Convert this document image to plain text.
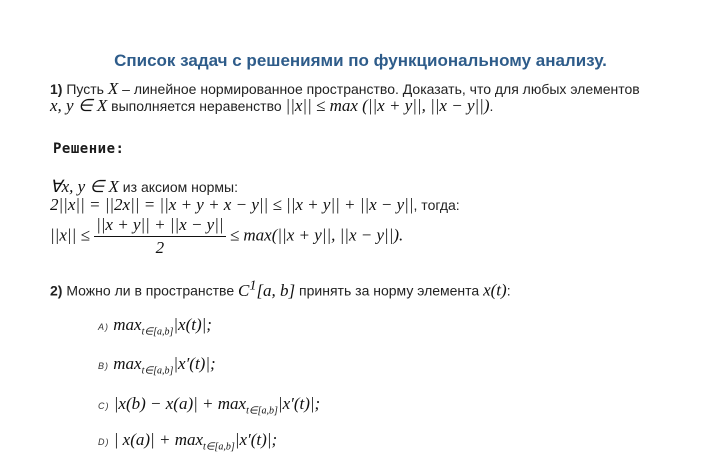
Список задач с решениями по функциональному анализу.
1) Пусть X – линейное нормированное пространство. Доказать, что для любых элементов
x, y ∈ X выполняется неравенство ||x|| ≤ max (||x + y||, ||x − y||).
Решение:
∀x, y ∈ X из аксиом нормы:
2||x|| = ||2x|| = ||x + y + x − y|| ≤ ||x + y|| + ||x − y||, тогда:
$||x|| \le \frac{||x + y|| + ||x - y||}{2} \le \max(||x + y||$, ||x − y||).
2) Можно ли в пространстве $C^1[a$, b] принять за норму элемента x(t):
A) $\max_{t\in[a,b]}|x(t)|$;
B) $\max_{t\in[a,b]}|x'(t)|$;
C) $|x(b) - x(a)| + \max_{t\in[a,b]}|x'(t)|$;
D) | $x(a)| + \max_{t\in[a,b]}|x'(t)|$;
